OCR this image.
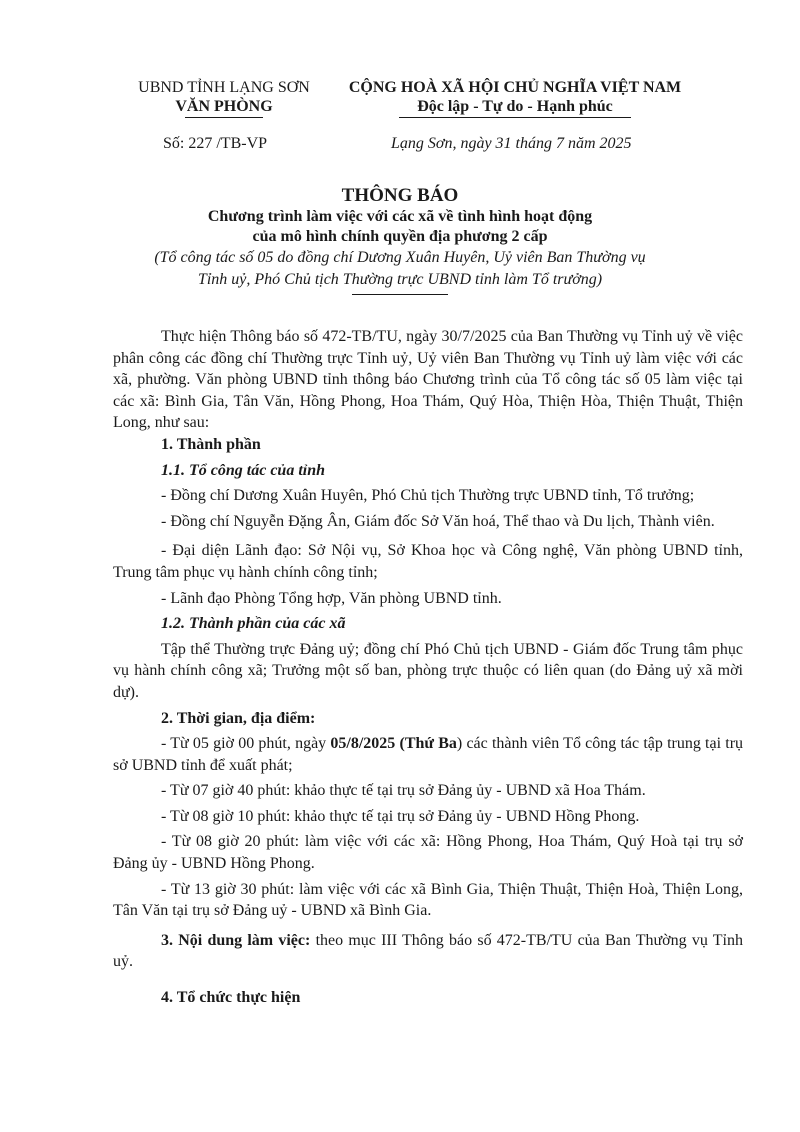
UBND TỈNH LẠNG SƠN
VĂN PHÒNG
CỘNG HOÀ XÃ HỘI CHỦ NGHĨA VIỆT NAM
Độc lập - Tự do - Hạnh phúc
Số: 227 /TB-VP	Lạng Sơn, ngày 31 tháng 7 năm 2025
THÔNG BÁO
Chương trình làm việc với các xã về tình hình hoạt động
của mô hình chính quyền địa phương 2 cấp
(Tổ công tác số 05 do đồng chí Dương Xuân Huyên, Uỷ viên Ban Thường vụ Tỉnh uỷ, Phó Chủ tịch Thường trực UBND tỉnh làm Tổ trưởng)

Thực hiện Thông báo số 472-TB/TU, ngày 30/7/2025 của Ban Thường vụ Tỉnh uỷ về việc phân công các đồng chí Thường trực Tỉnh uỷ, Uỷ viên Ban Thường vụ Tỉnh uỷ làm việc với các xã, phường. Văn phòng UBND tỉnh thông báo Chương trình của Tổ công tác số 05 làm việc tại các xã: Bình Gia, Tân Văn, Hồng Phong, Hoa Thám, Quý Hòa, Thiện Hòa, Thiện Thuật, Thiện Long, như sau:

1. Thành phần

1.1. Tổ công tác của tỉnh

- Đồng chí Dương Xuân Huyên, Phó Chủ tịch Thường trực UBND tỉnh, Tổ trưởng;

- Đồng chí Nguyễn Đặng Ân, Giám đốc Sở Văn hoá, Thể thao và Du lịch, Thành viên.

- Đại diện Lãnh đạo: Sở Nội vụ, Sở Khoa học và Công nghệ, Văn phòng UBND tỉnh, Trung tâm phục vụ hành chính công tỉnh;

- Lãnh đạo Phòng Tổng hợp, Văn phòng UBND tỉnh.

1.2. Thành phần của các xã

Tập thể Thường trực Đảng uỷ; đồng chí Phó Chủ tịch UBND - Giám đốc Trung tâm phục vụ hành chính công xã; Trưởng một số ban, phòng trực thuộc có liên quan (do Đảng uỷ xã mời dự).

2. Thời gian, địa điểm:

- Từ 05 giờ 00 phút, ngày 05/8/2025 (Thứ Ba) các thành viên Tổ công tác tập trung tại trụ sở UBND tỉnh để xuất phát;

- Từ 07 giờ 40 phút: khảo thực tế tại trụ sở Đảng ủy - UBND xã Hoa Thám.

- Từ 08 giờ 10 phút: khảo thực tế tại trụ sở Đảng ủy - UBND Hồng Phong.

- Từ 08 giờ 20 phút: làm việc với các xã: Hồng Phong, Hoa Thám, Quý Hoà tại trụ sở Đảng ủy - UBND Hồng Phong.

- Từ 13 giờ 30 phút: làm việc với các xã Bình Gia, Thiện Thuật, Thiện Hoà, Thiện Long, Tân Văn tại trụ sở Đảng uỷ - UBND xã Bình Gia.

3. Nội dung làm việc: theo mục III Thông báo số 472-TB/TU của Ban Thường vụ Tỉnh uỷ.

4. Tổ chức thực hiện
